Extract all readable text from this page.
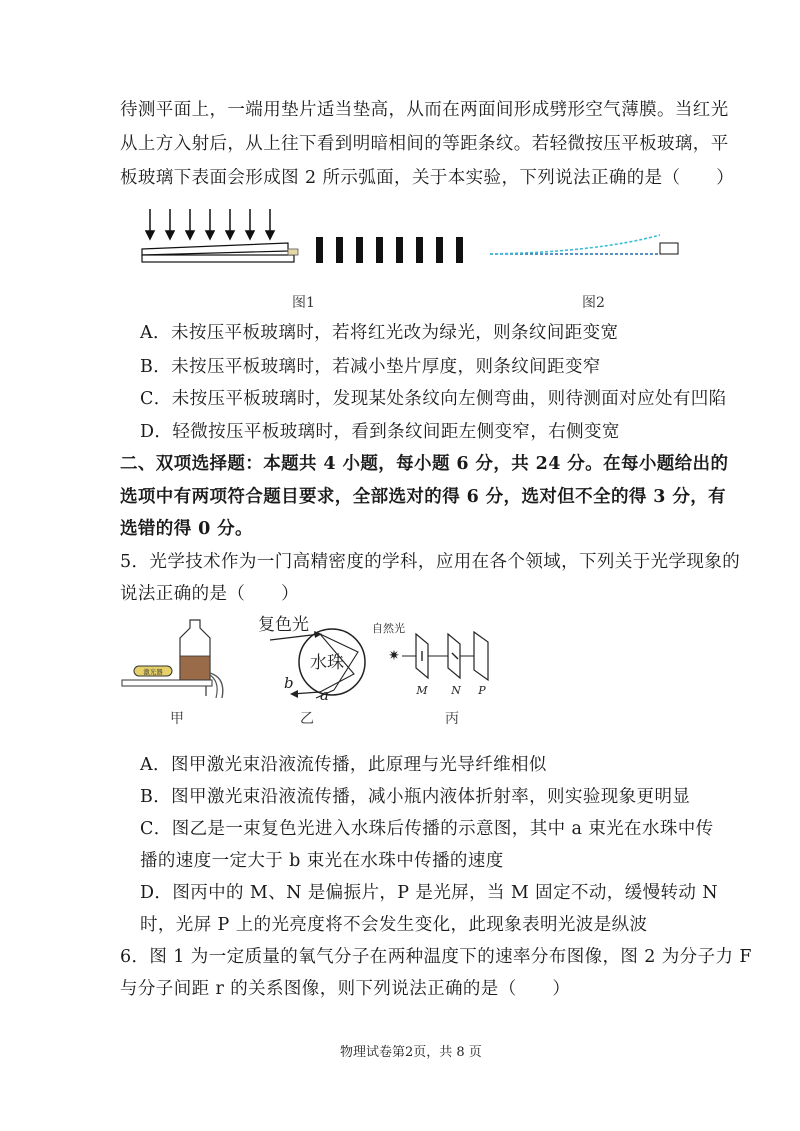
待测平面上，一端用垫片适当垫高，从而在两面间形成劈形空气薄膜。当红光
从上方入射后，从上往下看到明暗相间的等距条纹。若轻微按压平板玻璃，平
板玻璃下表面会形成图 2 所示弧面，关于本实验，下列说法正确的是（　　）
图1	图2
A．未按压平板玻璃时，若将红光改为绿光，则条纹间距变宽
B．未按压平板玻璃时，若减小垫片厚度，则条纹间距变窄
C．未按压平板玻璃时，发现某处条纹向左侧弯曲，则待测面对应处有凹陷
D．轻微按压平板玻璃时，看到条纹间距左侧变窄，右侧变宽
二、双项选择题：本题共 4 小题，每小题 6 分，共 24 分。在每小题给出的
选项中有两项符合题目要求，全部选对的得 6 分，选对但不全的得 3 分，有
选错的得 0 分。
5．光学技术作为一门高精密度的学科，应用在各个领域，下列关于光学现象的
说法正确的是（　　）
激光器
复色光
水珠
b
a
自然光
✷
M N P
甲	乙	丙
A．图甲激光束沿液流传播，此原理与光导纤维相似
B．图甲激光束沿液流传播，减小瓶内液体折射率，则实验现象更明显
C．图乙是一束复色光进入水珠后传播的示意图，其中 a 束光在水珠中传
播的速度一定大于 b 束光在水珠中传播的速度
D．图丙中的 M、N 是偏振片，P 是光屏，当 M 固定不动，缓慢转动 N
时，光屏 P 上的光亮度将不会发生变化，此现象表明光波是纵波
6．图 1 为一定质量的氧气分子在两种温度下的速率分布图像，图 2 为分子力 F
与分子间距 r 的关系图像，则下列说法正确的是（　　）
物理试卷第2页，共 8 页
